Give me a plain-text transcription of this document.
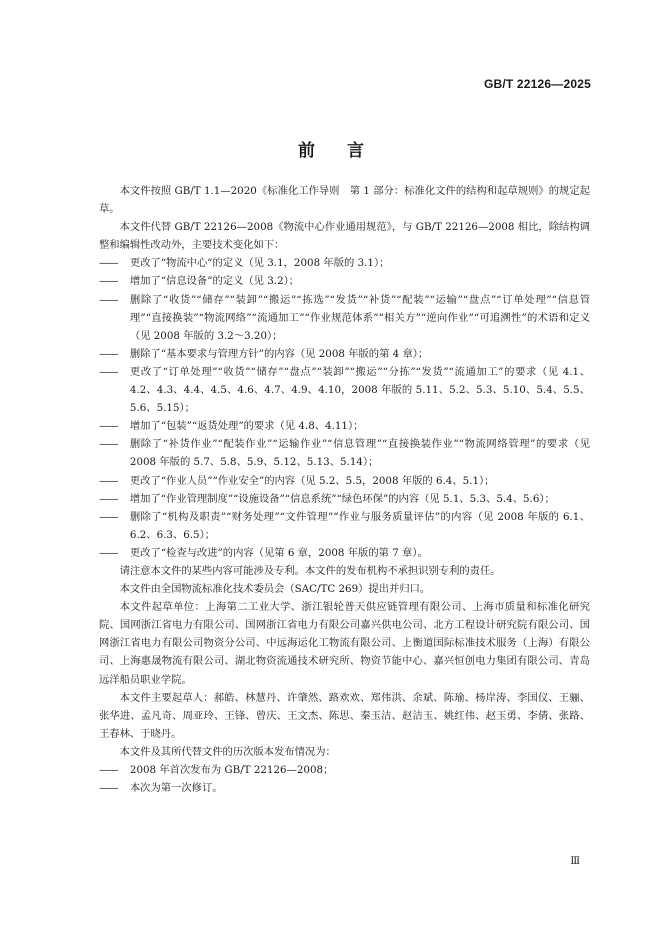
GB/T 22126—2025
前 言
本文件按照 GB/T 1.1—2020《标准化工作导则　第 1 部分：标准化文件的结构和起草规则》的规定起草。
本文件代替 GB/T 22126—2008《物流中心作业通用规范》，与 GB/T 22126—2008 相比，除结构调整和编辑性改动外，主要技术变化如下：
——	更改了“物流中心”的定义（见 3.1，2008 年版的 3.1）；
——	增加了“信息设备”的定义（见 3.2）；
——	删除了“收货”“储存”“装卸”“搬运”“拣选”“发货”“补货”“配装”“运输”“盘点”“订单处理”“信息管理”“直接换装”“物流网络”“流通加工”“作业规范体系”“相关方”“逆向作业”“可追溯性”的术语和定义（见 2008 年版的 3.2～3.20）；
——	删除了“基本要求与管理方针”的内容（见 2008 年版的第 4 章）；
——	更改了“订单处理”“收货”“储存”“盘点”“装卸”“搬运”“分拣”“发货”“流通加工”的要求（见 4.1、4.2、4.3、4.4、4.5、4.6、4.7、4.9、4.10，2008 年版的 5.11、5.2、5.3、5.10、5.4、5.5、5.6、5.15）；
——	增加了“包装”“返货处理”的要求（见 4.8、4.11）；
——	删除了“补货作业”“配装作业”“运输作业”“信息管理”“直接换装作业”“物流网络管理”的要求（见 2008 年版的 5.7、5.8、5.9、5.12、5.13、5.14）；
——	更改了“作业人员”“作业安全”的内容（见 5.2、5.5，2008 年版的 6.4、5.1）；
——	增加了“作业管理制度”“设施设备”“信息系统”“绿色环保”的内容（见 5.1、5.3、5.4、5.6）；
——	删除了“机构及职责”“财务处理”“文件管理”“作业与服务质量评估”的内容（见 2008 年版的 6.1、6.2、6.3、6.5）；
——	更改了“检查与改进”的内容（见第 6 章，2008 年版的第 7 章）。
请注意本文件的某些内容可能涉及专利。本文件的发布机构不承担识别专利的责任。
本文件由全国物流标准化技术委员会（SAC/TC 269）提出并归口。
本文件起草单位：上海第二工业大学、浙江银轮普天供应链管理有限公司、上海市质量和标准化研究院、国网浙江省电力有限公司、国网浙江省电力有限公司嘉兴供电公司、北方工程设计研究院有限公司、国网浙江省电力有限公司物资分公司、中远海运化工物流有限公司、上衡道国际标准技术服务（上海）有限公司、上海惠晟物流有限公司、湖北物资流通技术研究所、物资节能中心、嘉兴恒创电力集团有限公司、青岛远洋船员职业学院。
本文件主要起草人：郝皓、林慧丹、许肇然、路欢欢、郑伟洪、余斌、陈瑜、杨岸涛、李国仪、王骊、张华进、孟凡奇、周亚玲、王锋、曾庆、王文杰、陈思、秦玉洁、赵洁玉、姚红伟、赵玉勇、李倩、张路、王春林、于晓丹。
本文件及其所代替文件的历次版本发布情况为：
——	2008 年首次发布为 GB/T 22126—2008；
——	本次为第一次修订。
Ⅲ
